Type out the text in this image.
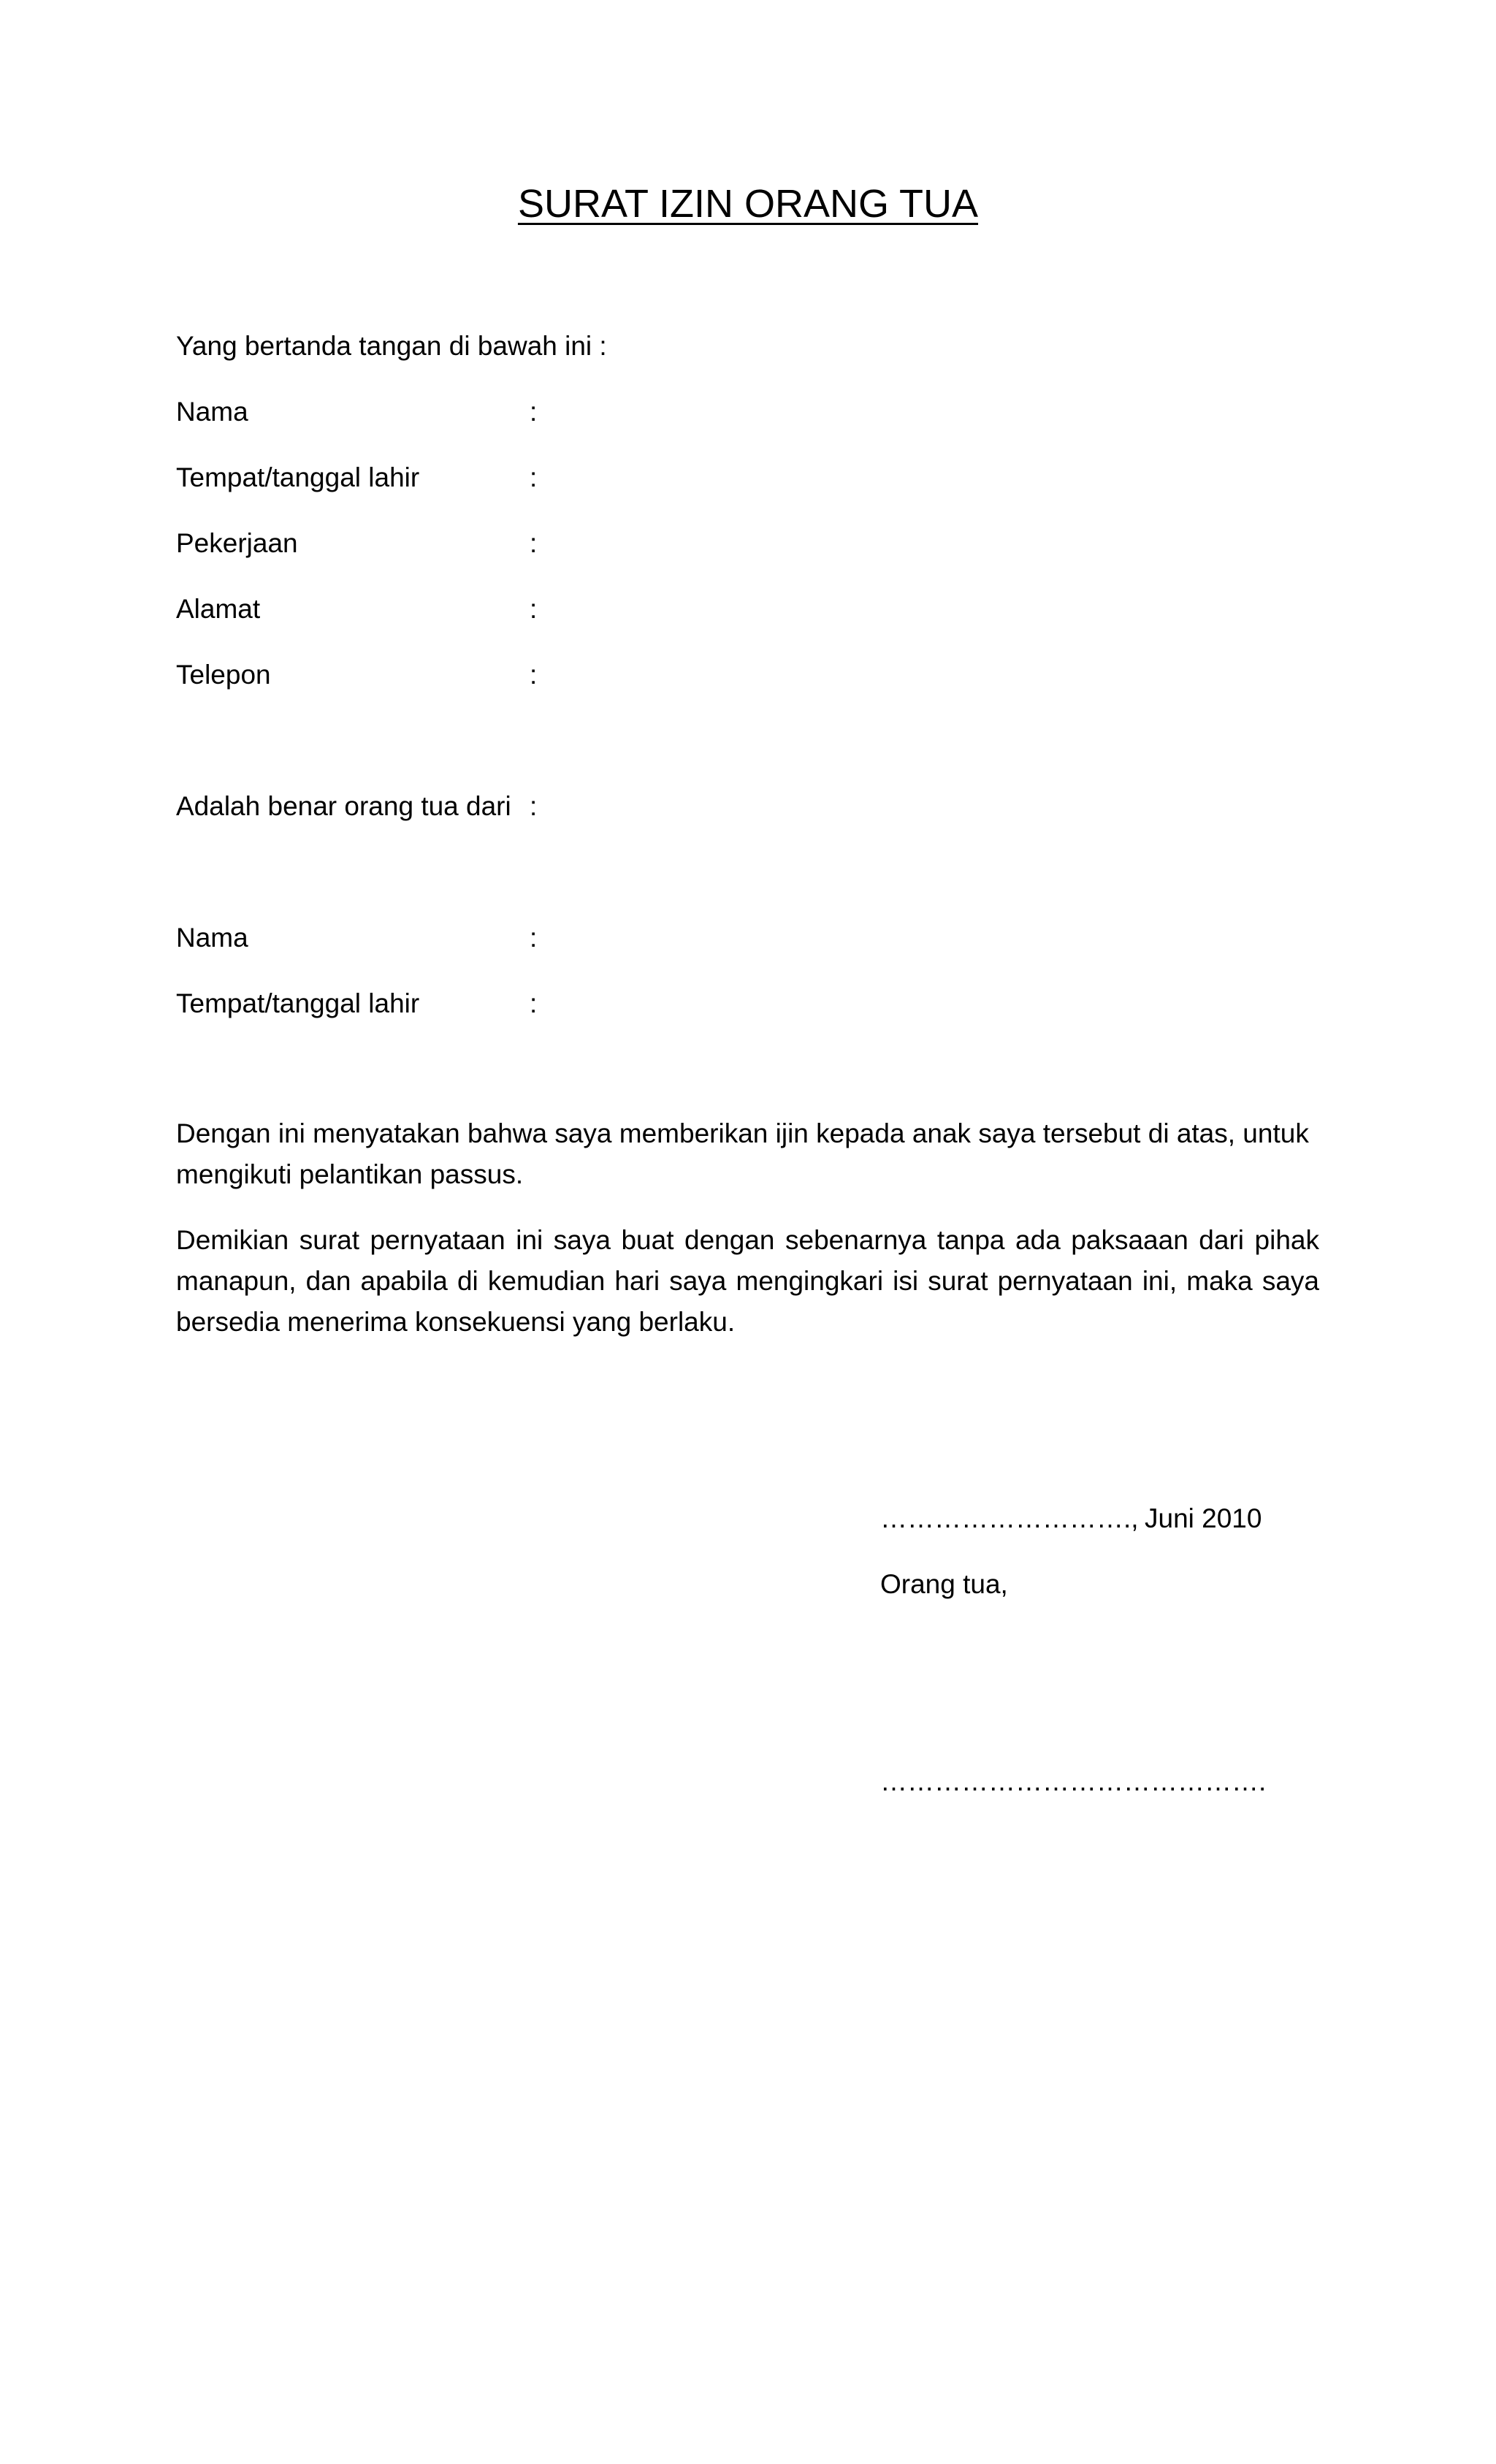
SURAT IZIN ORANG TUA
Yang bertanda tangan di bawah ini :
Nama	:
Tempat/tanggal lahir	:
Pekerjaan	:
Alamat	:
Telepon	:
Adalah benar orang tua dari :
Nama	:
Tempat/tanggal lahir	:
Dengan ini menyatakan bahwa saya memberikan ijin kepada anak saya tersebut di atas, untuk mengikuti pelantikan passus.
Demikian surat pernyataan ini saya buat dengan sebenarnya tanpa ada paksaaan dari pihak manapun, dan apabila di kemudian hari saya mengingkari isi surat pernyataan ini, maka saya bersedia menerima konsekuensi yang berlaku.
………………………., Juni 2010
Orang tua,
…………………………………….
